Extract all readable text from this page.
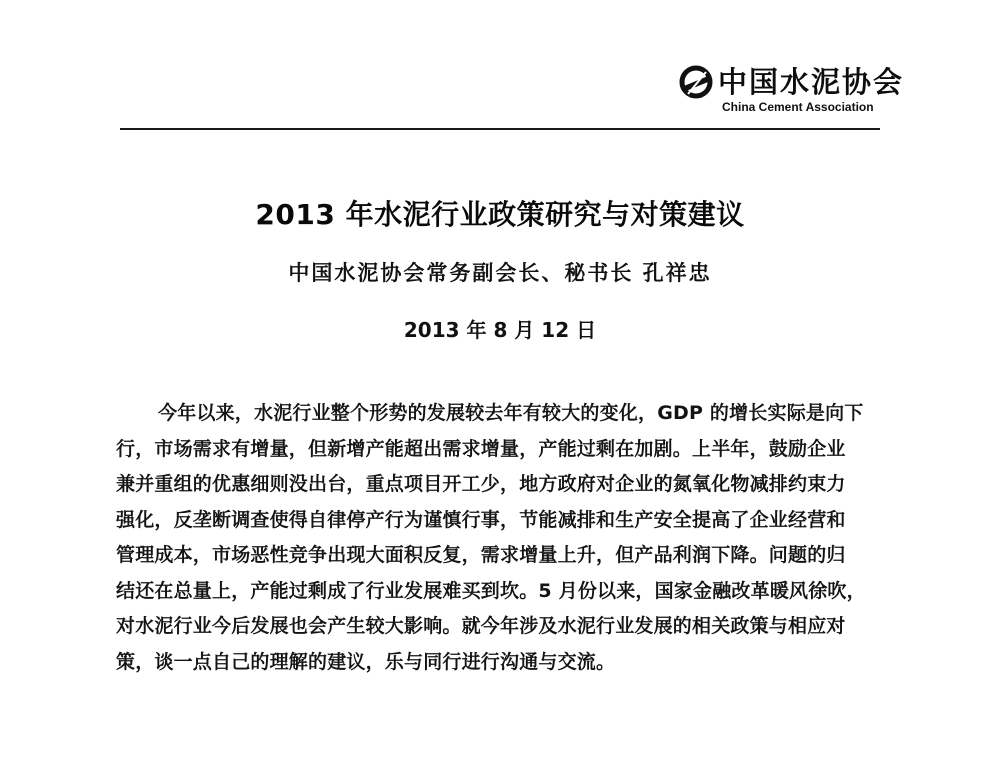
中国水泥协会
China Cement Association
2013 年水泥行业政策研究与对策建议
中国水泥协会常务副会长、秘书长 孔祥忠
2013 年 8 月 12 日
今年以来，水泥行业整个形势的发展较去年有较大的变化，GDP 的增长实际是向下
行，市场需求有增量，但新增产能超出需求增量，产能过剩在加剧。上半年，鼓励企业
兼并重组的优惠细则没出台，重点项目开工少，地方政府对企业的氮氧化物减排约束力
强化，反垄断调查使得自律停产行为谨慎行事，节能减排和生产安全提高了企业经营和
管理成本，市场恶性竞争出现大面积反复，需求增量上升，但产品利润下降。问题的归
结还在总量上，产能过剩成了行业发展难买到坎。5 月份以来，国家金融改革暖风徐吹，
对水泥行业今后发展也会产生较大影响。就今年涉及水泥行业发展的相关政策与相应对
策，谈一点自己的理解的建议，乐与同行进行沟通与交流。
